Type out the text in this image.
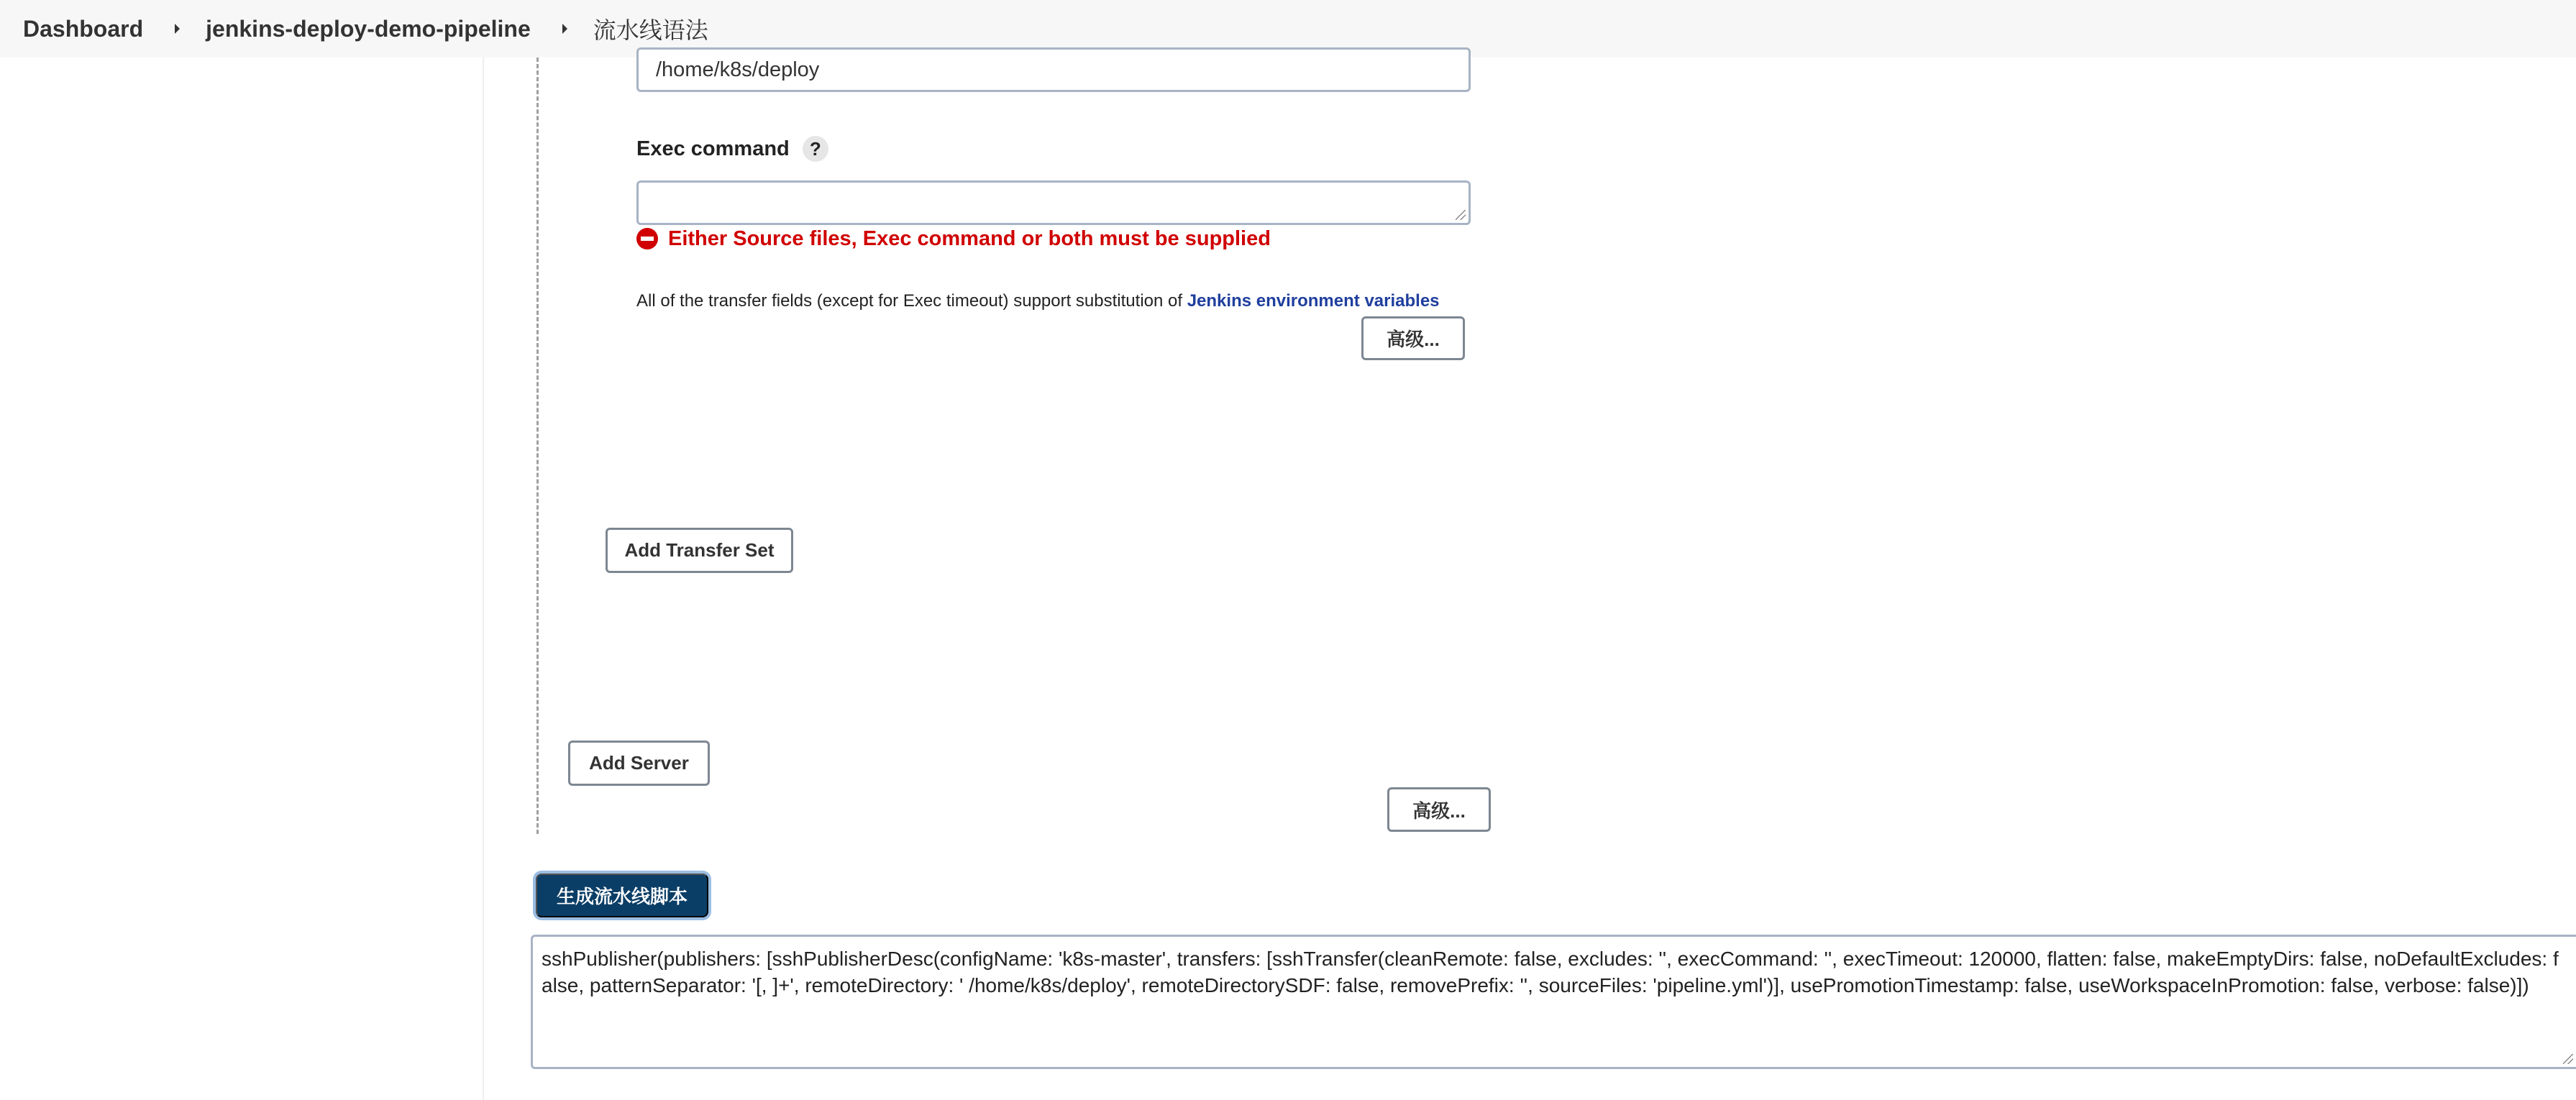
Dashboard	jenkins-deploy-demo-pipeline	流水线语法
/home/k8s/deploy
Exec command	?
Either Source files, Exec command or both must be supplied
All of the transfer fields (except for Exec timeout) support substitution of Jenkins environment variables
高级...
Add Transfer Set
Add Server
高级...
生成流水线脚本
sshPublisher(publishers: [sshPublisherDesc(configName: 'k8s-master', transfers: [sshTransfer(cleanRemote: false, excludes: '', execCommand: '', execTimeout: 120000, flatten: false, makeEmptyDirs: false, noDefaultExcludes: false, patternSeparator: '[, ]+', remoteDirectory: ' /home/k8s/deploy', remoteDirectorySDF: false, removePrefix: '', sourceFiles: 'pipeline.yml')], usePromotionTimestamp: false, useWorkspaceInPromotion: false, verbose: false)])
